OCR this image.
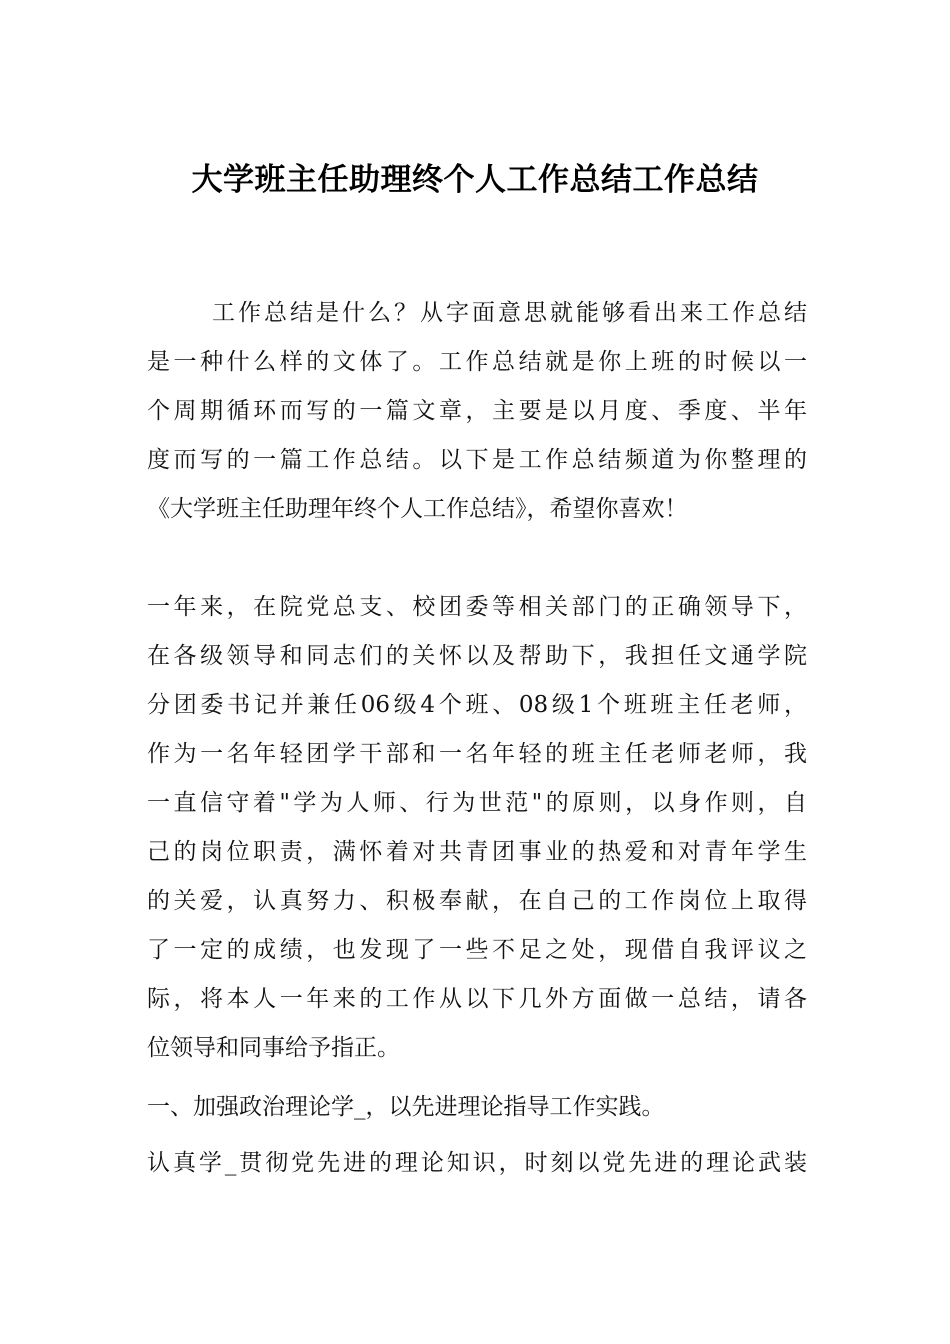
大学班主任助理终个人工作总结工作总结
工作总结是什么？从字面意思就能够看出来工作总结
是一种什么样的文体了。工作总结就是你上班的时候以一
个周期循环而写的一篇文章，主要是以月度、季度、半年
度而写的一篇工作总结。以下是工作总结频道为你整理的
《大学班主任助理年终个人工作总结》，希望你喜欢！
一年来，在院党总支、校团委等相关部门的正确领导下，
在各级领导和同志们的关怀以及帮助下，我担任文通学院
分团委书记并兼任06级4个班、08级1个班班主任老师，
作为一名年轻团学干部和一名年轻的班主任老师老师，我
一直信守着"学为人师、行为世范"的原则，以身作则，自
己的岗位职责，满怀着对共青团事业的热爱和对青年学生
的关爱，认真努力、积极奉献，在自己的工作岗位上取得
了一定的成绩，也发现了一些不足之处，现借自我评议之
际，将本人一年来的工作从以下几外方面做一总结，请各
位领导和同事给予指正。
一、加强政治理论学_，以先进理论指导工作实践。
认真学_贯彻党先进的理论知识，时刻以党先进的理论武装
